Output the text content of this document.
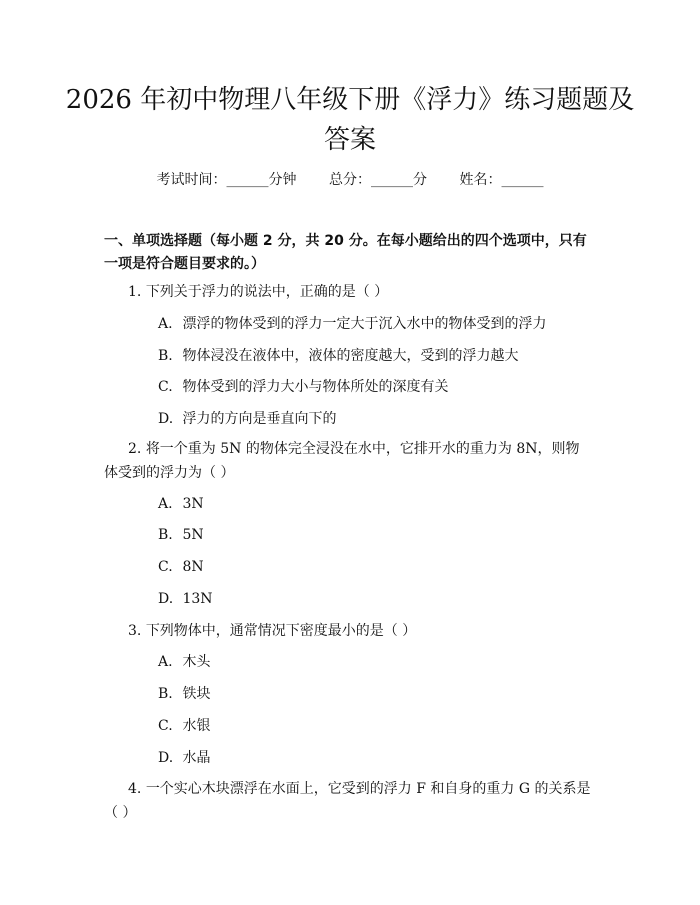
2026 年初中物理八年级下册《浮力》练习题题及答案
考试时间：______分钟 总分：______分 姓名：______
一、单项选择题（每小题 2 分，共 20 分。在每小题给出的四个选项中，只有一项是符合题目要求的。）
1. 下列关于浮力的说法中，正确的是（ ）
A. 漂浮的物体受到的浮力一定大于沉入水中的物体受到的浮力
B. 物体浸没在液体中，液体的密度越大，受到的浮力越大
C. 物体受到的浮力大小与物体所处的深度有关
D. 浮力的方向是垂直向下的
2. 将一个重为 5N 的物体完全浸没在水中，它排开水的重力为 8N，则物体受到的浮力为（ ）
A. 3N
B. 5N
C. 8N
D. 13N
3. 下列物体中，通常情况下密度最小的是（ ）
A. 木头
B. 铁块
C. 水银
D. 水晶
4. 一个实心木块漂浮在水面上，它受到的浮力 F 和自身的重力 G 的关系是（ ）
